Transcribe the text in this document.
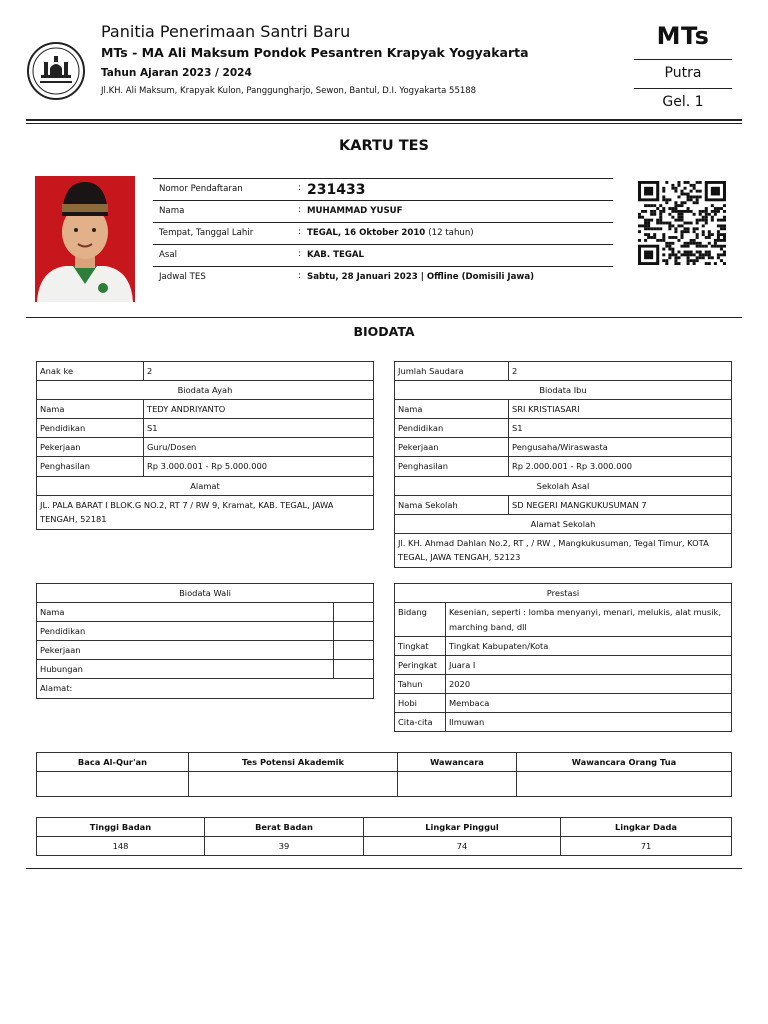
Panitia Penerimaan Santri Baru
MTs - MA Ali Maksum Pondok Pesantren Krapyak Yogyakarta
Tahun Ajaran 2023 / 2024
Jl.KH. Ali Maksum, Krapyak Kulon, Panggungharjo, Sewon, Bantul, D.I. Yogyakarta 55188
MTs
Putra
Gel. 1
KARTU TES
Nomor Pendaftaran	: 231433
Nama	: MUHAMMAD YUSUF
Tempat, Tanggal Lahir	: TEGAL, 16 Oktober 2010 (12 tahun)
Asal	: KAB. TEGAL
Jadwal TES	: Sabtu, 28 Januari 2023 | Offline (Domisili Jawa)
BIODATA
Anak ke	2
Biodata Ayah	
Nama	TEDY ANDRIYANTO
Pendidikan	S1
Pekerjaan	Guru/Dosen
Penghasilan	Rp 3.000.001 - Rp 5.000.000
Alamat	
JL. PALA BARAT I BLOK.G NO.2, RT 7 / RW 9, Kramat, KAB. TEGAL, JAWA TENGAH, 52181	
Jumlah Saudara	2
Biodata Ibu	
Nama	SRI KRISTIASARI
Pendidikan	S1
Pekerjaan	Pengusaha/Wiraswasta
Penghasilan	Rp 2.000.001 - Rp 3.000.000
Sekolah Asal	
Nama Sekolah	SD NEGERI MANGKUKUSUMAN 7
Alamat Sekolah	
Jl. KH. Ahmad Dahlan No.2, RT , / RW , Mangkukusuman, Tegal Timur, KOTA TEGAL, JAWA TENGAH, 52123	
Biodata Wali	
Nama	
Pendidikan	
Pekerjaan	
Hubungan	
Alamat:	
Prestasi	
Bidang	Kesenian, seperti : lomba menyanyi, menari, melukis, alat musik, marching band, dll
Tingkat	Tingkat Kabupaten/Kota
Peringkat	Juara I
Tahun	2020
Hobi	Membaca
Cita-cita	Ilmuwan
Baca Al-Qur'an	Tes Potensi Akademik	Wawancara	Wawancara Orang Tua

Tinggi Badan	Berat Badan	Lingkar Pinggul	Lingkar Dada
148	39	74	71
